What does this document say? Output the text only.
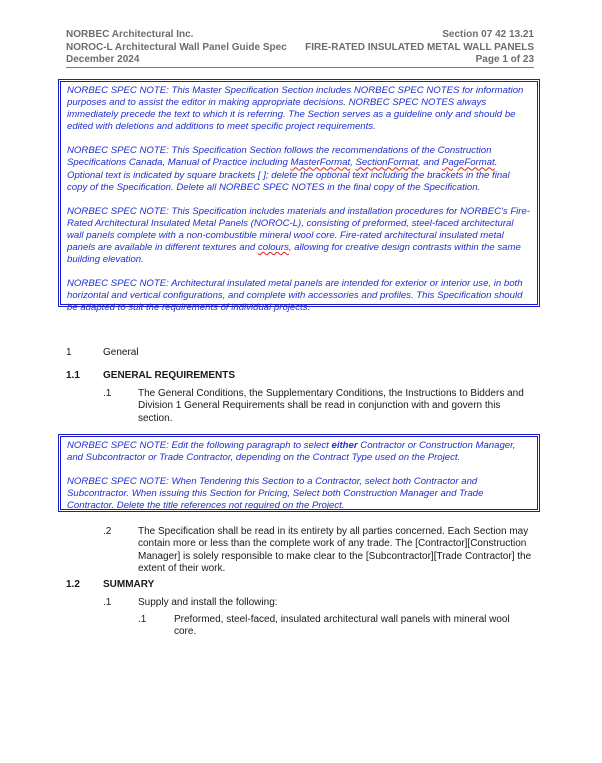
NORBEC Architectural Inc.	Section 07 42 13.21
NOROC-L Architectural Wall Panel Guide Spec FIRE-RATED INSULATED METAL WALL PANELS
December 2024	Page 1 of 23

NORBEC SPEC NOTE: This Master Specification Section includes NORBEC SPEC NOTES for information purposes and to assist the editor in making appropriate decisions. NORBEC SPEC NOTES always immediately precede the text to which it is referring. The Section serves as a guideline only and should be edited with deletions and additions to meet specific project requirements.

NORBEC SPEC NOTE: This Specification Section follows the recommendations of the Construction Specifications Canada, Manual of Practice including MasterFormat, SectionFormat, and PageFormat. Optional text is indicated by square brackets [ ]; delete the optional text including the brackets in the final copy of the Specification. Delete all NORBEC SPEC NOTES in the final copy of the Specification.

NORBEC SPEC NOTE: This Specification includes materials and installation procedures for NORBEC's Fire-Rated Architectural Insulated Metal Panels (NOROC-L), consisting of preformed, steel-faced architectural wall panels complete with a non-combustible mineral wool core. Fire-rated architectural insulated metal panels are available in different textures and colours, allowing for creative design contrasts within the same building elevation.

NORBEC SPEC NOTE: Architectural insulated metal panels are intended for exterior or interior use, in both horizontal and vertical configurations, and complete with accessories and profiles. This Specification should be adapted to suit the requirements of individual projects.

1	General
1.1 GENERAL REQUIREMENTS
.1	The General Conditions, the Supplementary Conditions, the Instructions to Bidders and Division 1 General Requirements shall be read in conjunction with and govern this section.

NORBEC SPEC NOTE: Edit the following paragraph to select either Contractor or Construction Manager, and Subcontractor or Trade Contractor, depending on the Contract Type used on the Project.

NORBEC SPEC NOTE: When Tendering this Section to a Contractor, select both Contractor and Subcontractor. When issuing this Section for Pricing, Select both Construction Manager and Trade Contractor. Delete the title references not required on the Project.

.2	The Specification shall be read in its entirety by all parties concerned. Each Section may contain more or less than the complete work of any trade. The [Contractor][Construction Manager] is solely responsible to make clear to the [Subcontractor][Trade Contractor] the extent of their work.
1.2 SUMMARY
.1	Supply and install the following:
.1	Preformed, steel-faced, insulated architectural wall panels with mineral wool core.
